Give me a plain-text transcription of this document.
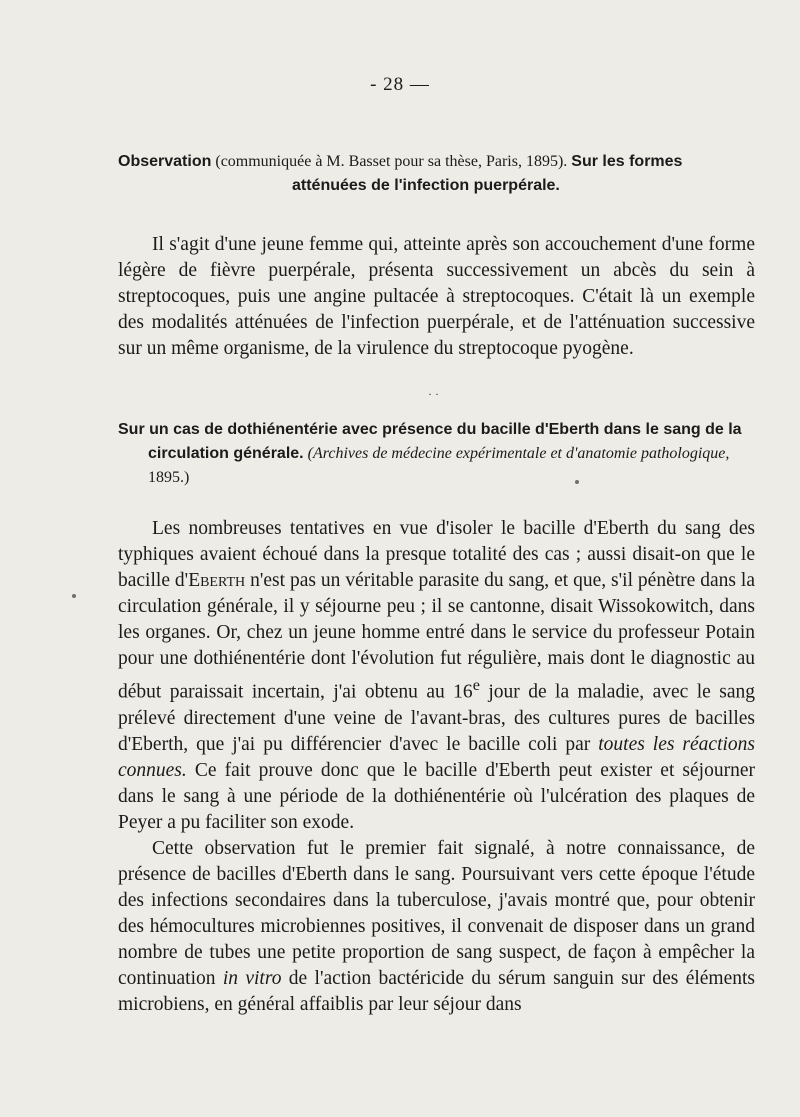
- 28 —
Observation (communiquée à M. Basset pour sa thèse, Paris, 1895). Sur les formes
atténuées de l'infection puerpérale.

Il s'agit d'une jeune femme qui, atteinte après son accouchement d'une forme légère de fièvre puerpérale, présenta successivement un abcès du sein à streptocoques, puis une angine pultacée à streptocoques. C'était là un exemple des modalités atténuées de l'infection puerpérale, et de l'atténuation successive sur un même organisme, de la virulence du streptocoque pyogène.

· ·
Sur un cas de dothiénentérie avec présence du bacille d'Eberth dans le sang de la
circulation générale. (Archives de médecine expérimentale et d'anatomie pathologique,
1895.)

Les nombreuses tentatives en vue d'isoler le bacille d'Eberth du sang des typhiques avaient échoué dans la presque totalité des cas ; aussi disait-on que le bacille d'Eberth n'est pas un véritable parasite du sang, et que, s'il pénètre dans la circulation générale, il y séjourne peu ; il se cantonne, disait Wissokowitch, dans les organes. Or, chez un jeune homme entré dans le service du professeur Potain pour une dothiénentérie dont l'évolution fut régulière, mais dont le diagnostic au début paraissait incertain, j'ai obtenu au 16e jour de la maladie, avec le sang prélevé directement d'une veine de l'avant-bras, des cultures pures de bacilles d'Eberth, que j'ai pu différencier d'avec le bacille coli par toutes les réactions connues. Ce fait prouve donc que le bacille d'Eberth peut exister et séjourner dans le sang à une période de la dothiénentérie où l'ulcération des plaques de Peyer a pu faciliter son exode.

Cette observation fut le premier fait signalé, à notre connaissance, de présence de bacilles d'Eberth dans le sang. Poursuivant vers cette époque l'étude des infections secondaires dans la tuberculose, j'avais montré que, pour obtenir des hémocultures microbiennes positives, il convenait de disposer dans un grand nombre de tubes une petite proportion de sang suspect, de façon à empêcher la continuation in vitro de l'action bactéricide du sérum sanguin sur des éléments microbiens, en général affaiblis par leur séjour dans
